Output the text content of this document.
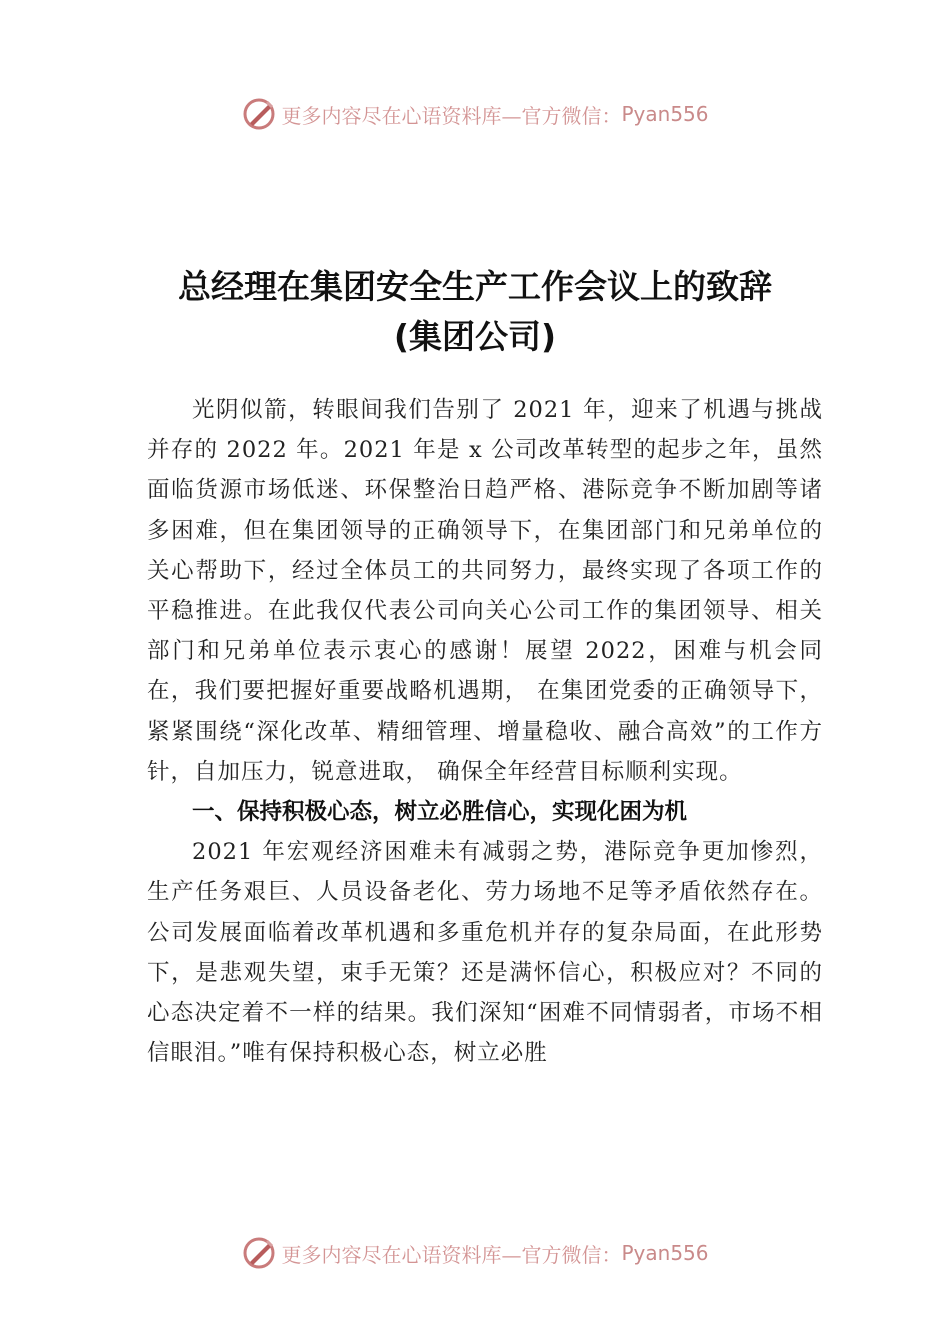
更多内容尽在心语资料库—官方微信： Pyan556
总经理在集团安全生产工作会议上的致辞
(集团公司)

光阴似箭，转眼间我们告别了 2021 年，迎来了机遇与挑战并存的 2022 年。2021 年是 x 公司改革转型的起步之年，虽然面临货源市场低迷、环保整治日趋严格、港际竞争不断加剧等诸多困难，但在集团领导的正确领导下，在集团部门和兄弟单位的关心帮助下，经过全体员工的共同努力，最终实现了各项工作的平稳推进。在此我仅代表公司向关心公司工作的集团领导、相关部门和兄弟单位表示衷心的感谢！展望 2022，困难与机会同在，我们要把握好重要战略机遇期， 在集团党委的正确领导下，紧紧围绕“深化改革、精细管理、增量稳收、融合高效”的工作方针，自加压力，锐意进取， 确保全年经营目标顺利实现。

一、保持积极心态，树立必胜信心，实现化困为机

2021 年宏观经济困难未有减弱之势，港际竞争更加惨烈，生产任务艰巨、人员设备老化、劳力场地不足等矛盾依然存在。公司发展面临着改革机遇和多重危机并存的复杂局面，在此形势下，是悲观失望，束手无策？还是满怀信心，积极应对？不同的心态决定着不一样的结果。我们深知“困难不同情弱者，市场不相信眼泪。”唯有保持积极心态，树立必胜

更多内容尽在心语资料库—官方微信： Pyan556
